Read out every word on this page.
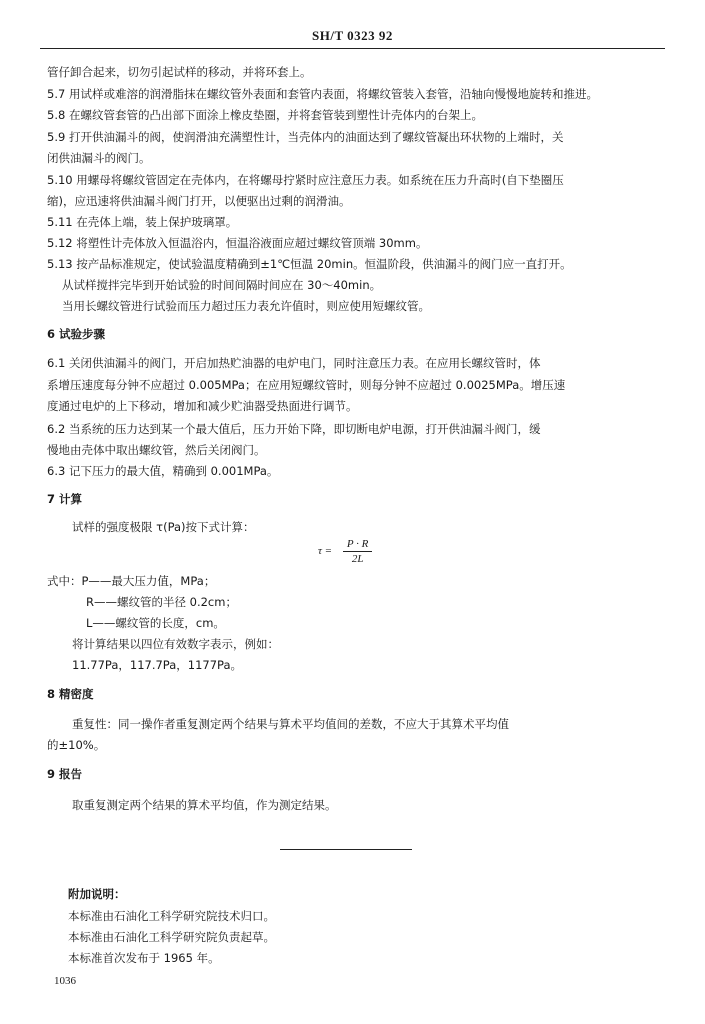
SH/T 0323 92
管仔卸合起来，切勿引起试样的移动，并将环套上。
5.7 用试样或难溶的润滑脂抹在螺纹管外表面和套管内表面，将螺纹管装入套管，沿轴向慢慢地旋转和推进。
5.8 在螺纹管套管的凸出部下面涂上橡皮垫圈，并将套管装到塑性计壳体内的台架上。
5.9 打开供油漏斗的阀，使润滑油充满塑性计，当壳体内的油面达到了螺纹管凝出环状物的上端时，关
闭供油漏斗的阀门。
5.10 用螺母将螺纹管固定在壳体内，在将螺母拧紧时应注意压力表。如系统在压力升高时(自下垫圈压
缩)，应迅速将供油漏斗阀门打开，以便驱出过剩的润滑油。
5.11 在壳体上端，装上保护玻璃罩。
5.12 将塑性计壳体放入恒温浴内，恒温浴液面应超过螺纹管顶端 30mm。
5.13 按产品标准规定，使试验温度精确到±1℃恒温 20min。恒温阶段，供油漏斗的阀门应一直打开。
从试样搅拌完毕到开始试验的时间间隔时间应在 30～40min。
当用长螺纹管进行试验而压力超过压力表允许值时，则应使用短螺纹管。
6 试验步骤
6.1 关闭供油漏斗的阀门，开启加热贮油器的电炉电门，同时注意压力表。在应用长螺纹管时，体
系增压速度每分钟不应超过 0.005MPa；在应用短螺纹管时，则每分钟不应超过 0.0025MPa。增压速
度通过电炉的上下移动，增加和减少贮油器受热面进行调节。
6.2 当系统的压力达到某一个最大值后，压力开始下降，即切断电炉电源，打开供油漏斗阀门，缓
慢地由壳体中取出螺纹管，然后关闭阀门。
6.3 记下压力的最大值，精确到 0.001MPa。
7 计算
试样的强度极限 τ(Pa)按下式计算：
$\tau = \frac{P \cdot R}{2L}$
式中：P——最大压力值，MPa；
R——螺纹管的半径 0.2cm；
L——螺纹管的长度，cm。
将计算结果以四位有效数字表示，例如：
11.77Pa，117.7Pa，1177Pa。
8 精密度
重复性：同一操作者重复测定两个结果与算术平均值间的差数，不应大于其算术平均值
的±10%。
9 报告
取重复测定两个结果的算术平均值，作为测定结果。
附加说明：
本标准由石油化工科学研究院技术归口。
本标准由石油化工科学研究院负责起草。
本标准首次发布于 1965 年。
1036
